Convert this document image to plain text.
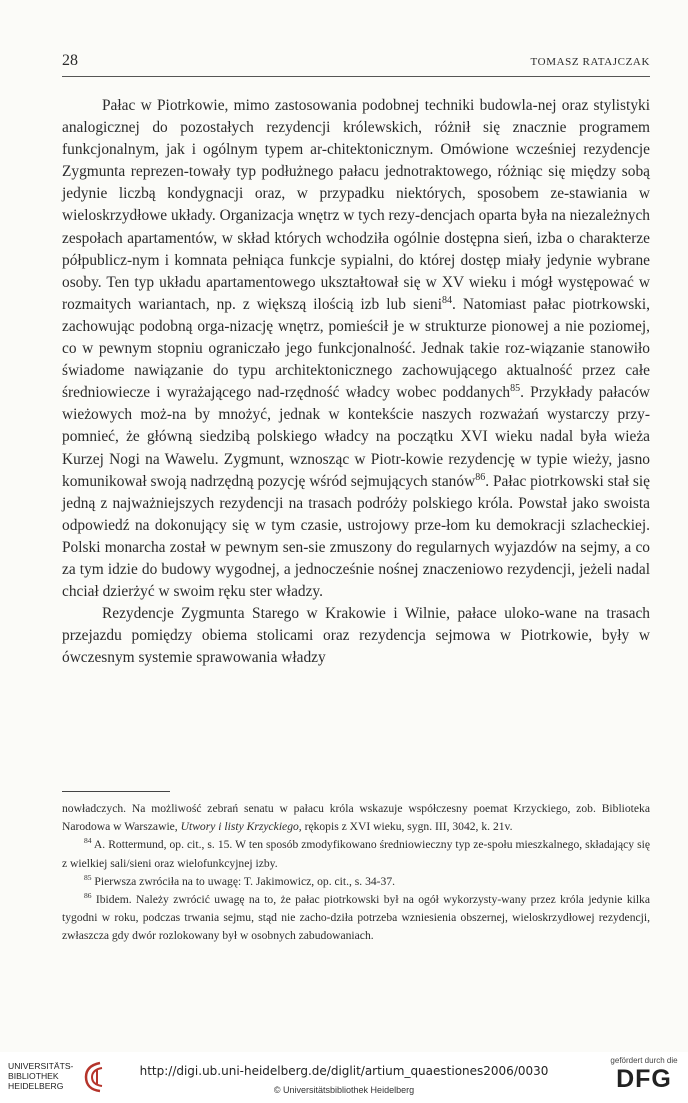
28	TOMASZ RATAJCZAK

Pałac w Piotrkowie, mimo zastosowania podobnej techniki budowla-nej oraz stylistyki analogicznej do pozostałych rezydencji królewskich, różnił się znacznie programem funkcjonalnym, jak i ogólnym typem ar-chitektonicznym. Omówione wcześniej rezydencje Zygmunta reprezen-towały typ podłużnego pałacu jednotraktowego, różniąc się między sobą jedynie liczbą kondygnacji oraz, w przypadku niektórych, sposobem ze-stawiania w wieloskrzydłowe układy. Organizacja wnętrz w tych rezy-dencjach oparta była na niezależnych zespołach apartamentów, w skład których wchodziła ogólnie dostępna sień, izba o charakterze półpublicz-nym i komnata pełniąca funkcje sypialni, do której dostęp miały jedynie wybrane osoby. Ten typ układu apartamentowego ukształtował się w XV wieku i mógł występować w rozmaitych wariantach, np. z większą ilością izb lub sieni$^{84}$. Natomiast pałac piotrkowski, zachowując podobną orga-nizację wnętrz, pomieścił je w strukturze pionowej a nie poziomej, co w pewnym stopniu ograniczało jego funkcjonalność. Jednak takie roz-wiązanie stanowiło świadome nawiązanie do typu architektonicznego zachowującego aktualność przez całe średniowiecze i wyrażającego nad-rzędność władcy wobec poddanych$^{85}$. Przykłady pałaców wieżowych moż-na by mnożyć, jednak w kontekście naszych rozważań wystarczy przy-pomnieć, że główną siedzibą polskiego władcy na początku XVI wieku nadal była wieża Kurzej Nogi na Wawelu. Zygmunt, wznosząc w Piotr-kowie rezydencję w typie wieży, jasno komunikował swoją nadrzędną pozycję wśród sejmujących stanów$^{86}$. Pałac piotrkowski stał się jedną z najważniejszych rezydencji na trasach podróży polskiego króla. Powstał jako swoista odpowiedź na dokonujący się w tym czasie, ustrojowy prze-łom ku demokracji szlacheckiej. Polski monarcha został w pewnym sen-sie zmuszony do regularnych wyjazdów na sejmy, a co za tym idzie do budowy wygodnej, a jednocześnie nośnej znaczeniowo rezydencji, jeżeli nadal chciał dzierżyć w swoim ręku ster władzy.

Rezydencje Zygmunta Starego w Krakowie i Wilnie, pałace uloko-wane na trasach przejazdu pomiędzy obiema stolicami oraz rezydencja sejmowa w Piotrkowie, były w ówczesnym systemie sprawowania władzy

nowładczych. Na możliwość zebrań senatu w pałacu króla wskazuje współczesny poemat Krzyckiego, zob. Biblioteka Narodowa w Warszawie, Utwory i listy Krzyckiego, rękopis z XVI wieku, sygn. III, 3042, k. 21v.

$^{84}$ A. Rottermund, op. cit., s. 15. W ten sposób zmodyfikowano średniowieczny typ ze-społu mieszkalnego, składający się z wielkiej sali/sieni oraz wielofunkcyjnej izby.

$^{85}$ Pierwsza zwróciła na to uwagę: T. Jakimowicz, op. cit., s. 34-37.

$^{86}$ Ibidem. Należy zwrócić uwagę na to, że pałac piotrkowski był na ogół wykorzysty-wany przez króla jedynie kilka tygodni w roku, podczas trwania sejmu, stąd nie zacho-dziła potrzeba wzniesienia obszernej, wieloskrzydłowej rezydencji, zwłaszcza gdy dwór rozlokowany był w osobnych zabudowaniach.

UNIVERSITÄTS-
BIBLIOTHEK
HEIDELBERG
http://digi.ub.uni-heidelberg.de/diglit/artium_quaestiones2006/0030
© Universitätsbibliothek Heidelberg
gefördert durch die
DFG
